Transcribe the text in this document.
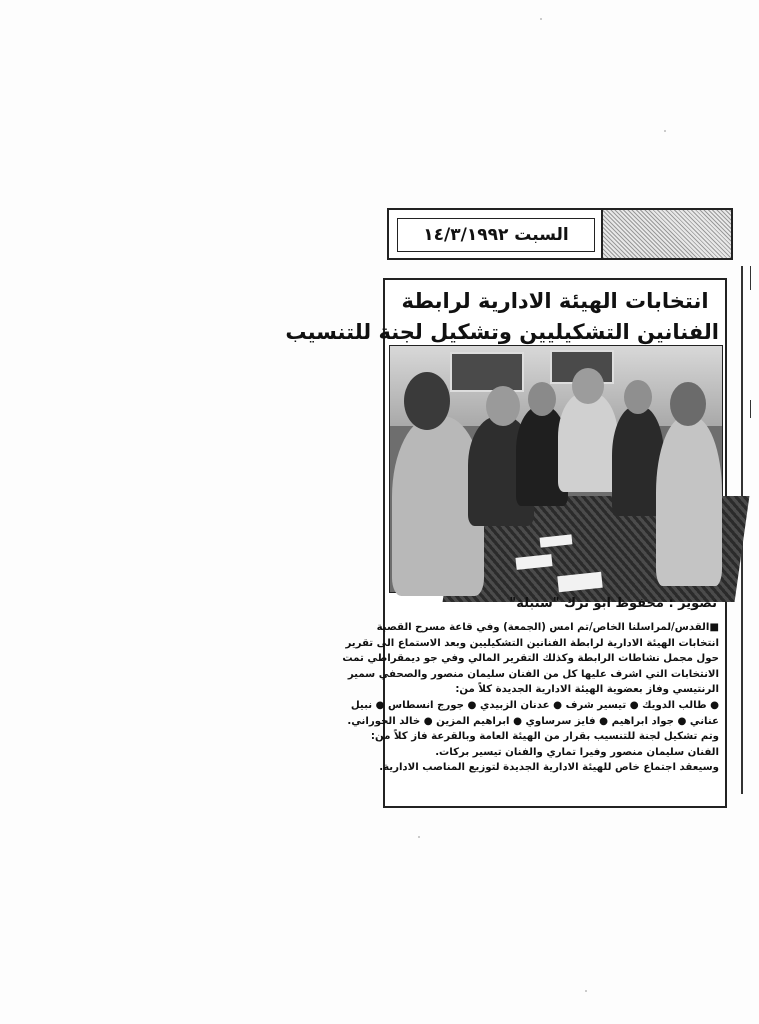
السبت ١٤/٣/١٩٩٢
انتخابات الهيئة الادارية لرابطة
الفنانين التشكيليين وتشكيل لجنة للتنسيب
تصوير : محفوظ ابو ترك "سنبلة"

■القدس/لمراسلنا الخاص/تم امس (الجمعة) وفي قاعة مسرح القصبة

انتخابات الهيئة الادارية لرابطة الفنانين التشكيليين وبعد الاستماع الى تقرير

حول مجمل نشاطات الرابطة وكذلك التقرير المالي وفي جو ديمقراطي تمت

الانتخابات التي اشرف عليها كل من الفنان سليمان منصور والصحفي سمير

الرنتيسي وفاز بعضوية الهيئة الادارية الجديدة كلاً من:

● طالب الدويك ● تيسير شرف ● عدنان الزبيدي ● جورج انسطاس ● نبيل

عناني ● جواد ابراهيم ● فايز سرساوي ● ابراهيم المزين ● خالد الحوراني.

وتم تشكيل لجنة للتنسيب بقرار من الهيئة العامة وبالقرعة فاز كلاً من:

الفنان سليمان منصور وفيرا تماري والفنان تيسير بركات.

وسيعقد اجتماع خاص للهيئة الادارية الجديدة لتوزيع المناصب الادارية.
